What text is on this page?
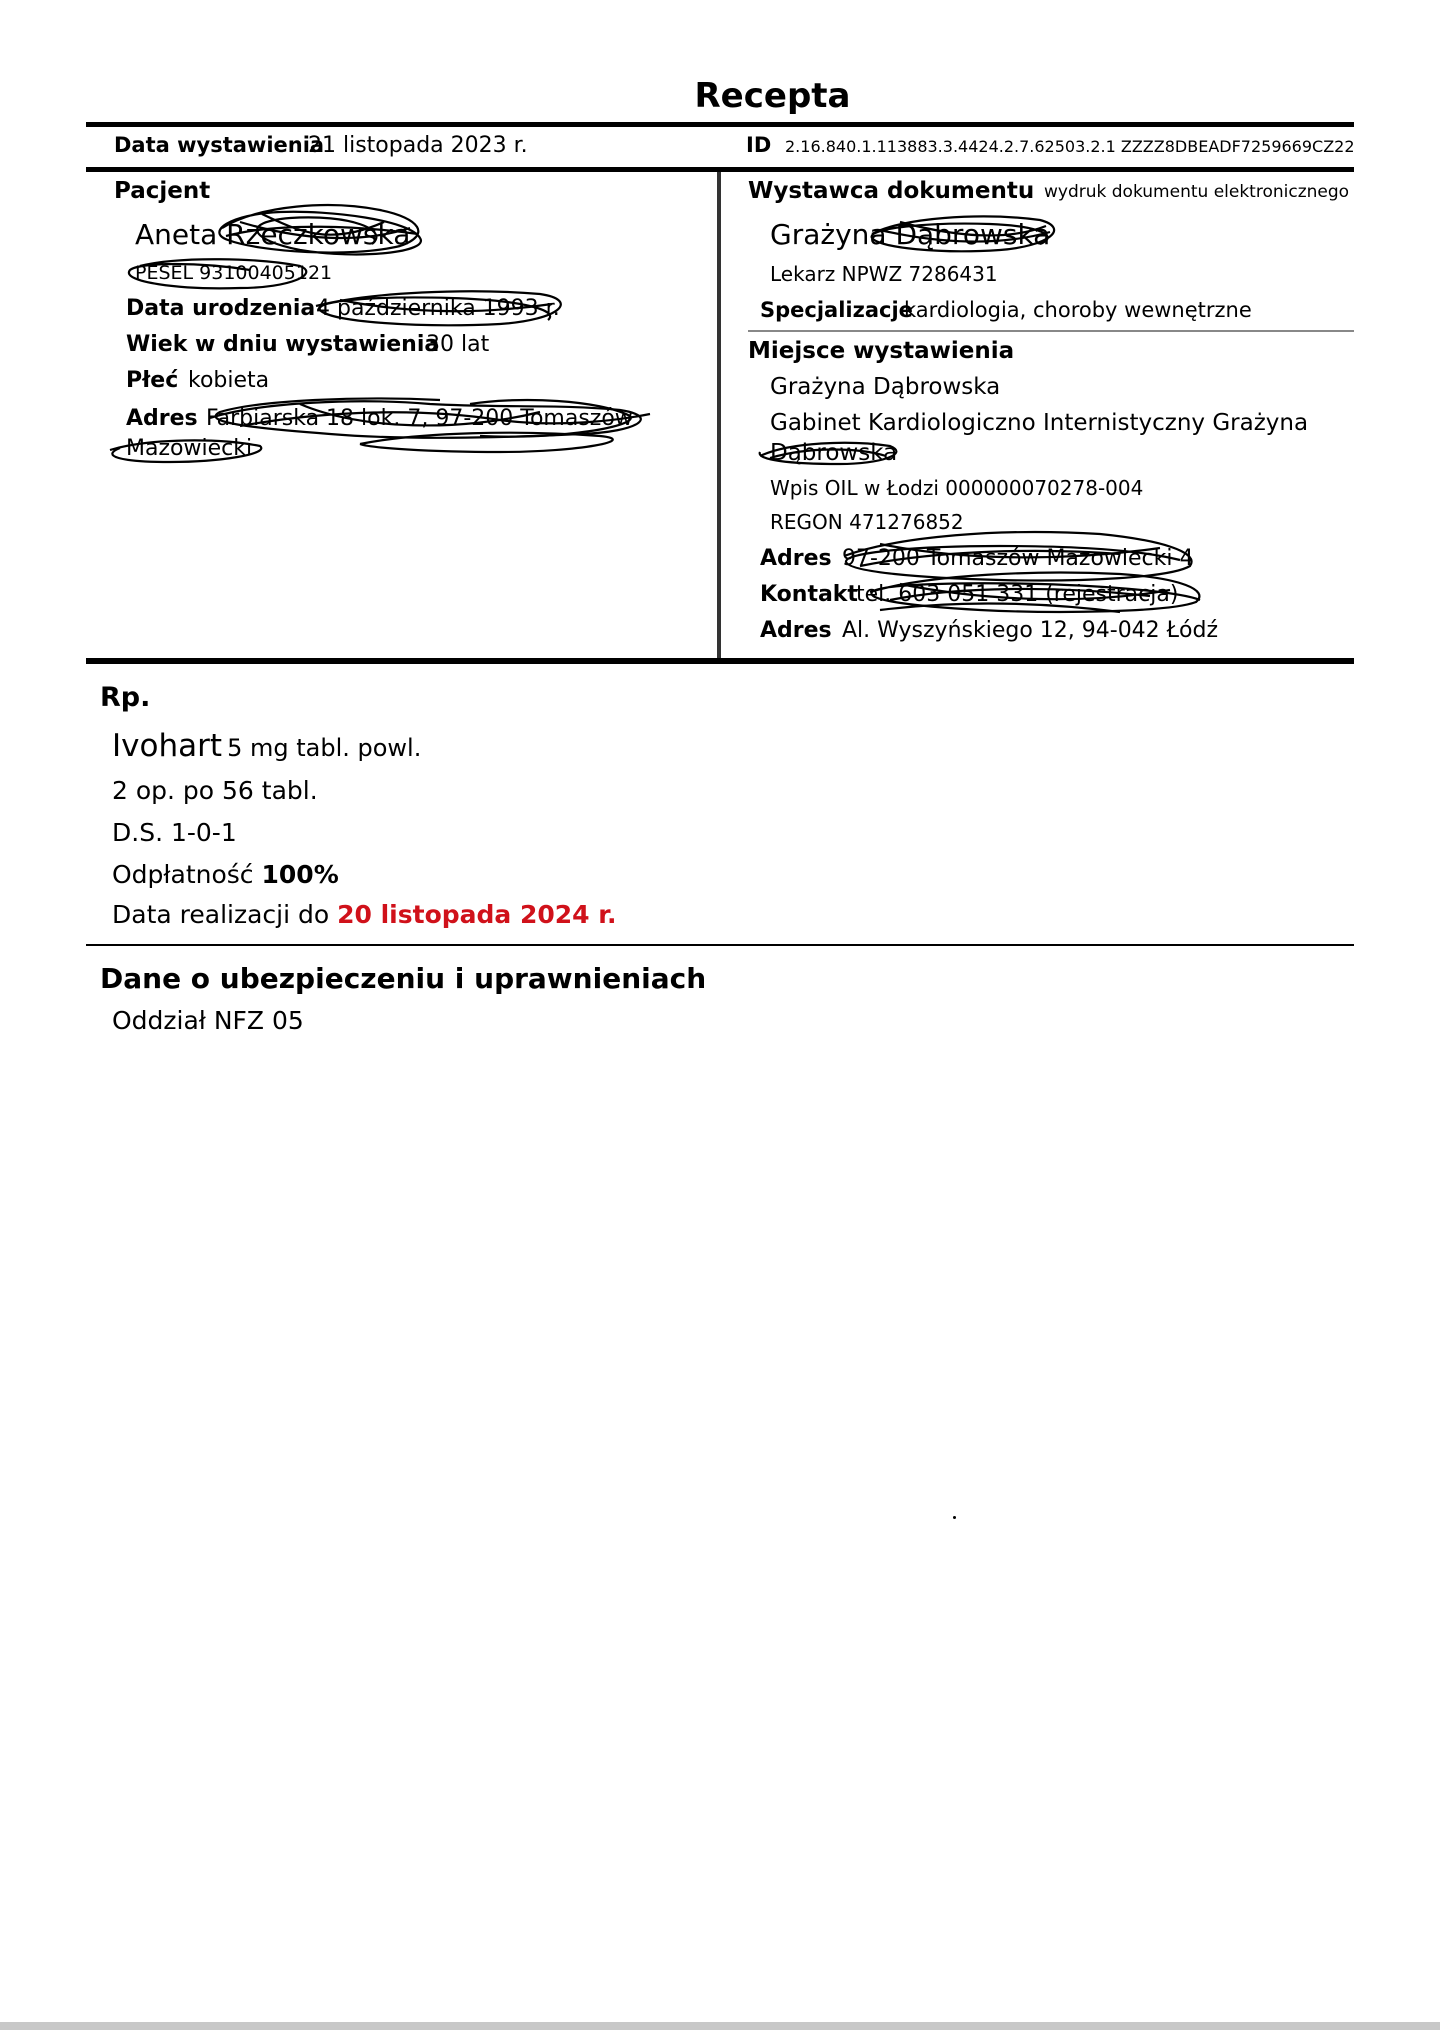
Recepta
Data wystawienia
21 listopada 2023 r.	ID 2.16.840.1.113883.3.4424.2.7.62503.2.1 ZZZZ8DBEADF7259669CZ22
Pacjent
Aneta Rzeczkowska
PESEL 93100405121
Data urodzenia 4 października 1993 r.
Wiek w dniu wystawienia
30 lat
Płeć kobieta
Adres Farbiarska 18 lok. 7, 97-200 Tomaszów
Mazowiecki
Wystawca dokumentu wydruk dokumentu elektronicznego
Grażyna Dąbrowska
Lekarz NPWZ 7286431
Specjalizacje
kardiologia, choroby wewnętrzne
Miejsce wystawienia
Grażyna Dąbrowska
Gabinet Kardiologiczno Internistyczny Grażyna
Dąbrowska
Wpis OIL w Łodzi 000000070278-004
REGON 471276852
Adres 97-200 Tomaszów Mazowiecki 4
Kontakt
tel. 603 051 331 (rejestracja)
Adres Al. Wyszyńskiego 12, 94-042 Łódź
Rp.
Ivohart 5 mg tabl. powl.
2 op. po 56 tabl.
D.S. 1-0-1
Odpłatność 100%
Data realizacji do 20 listopada 2024 r.
Dane o ubezpieczeniu i uprawnieniach
Oddział NFZ 05
